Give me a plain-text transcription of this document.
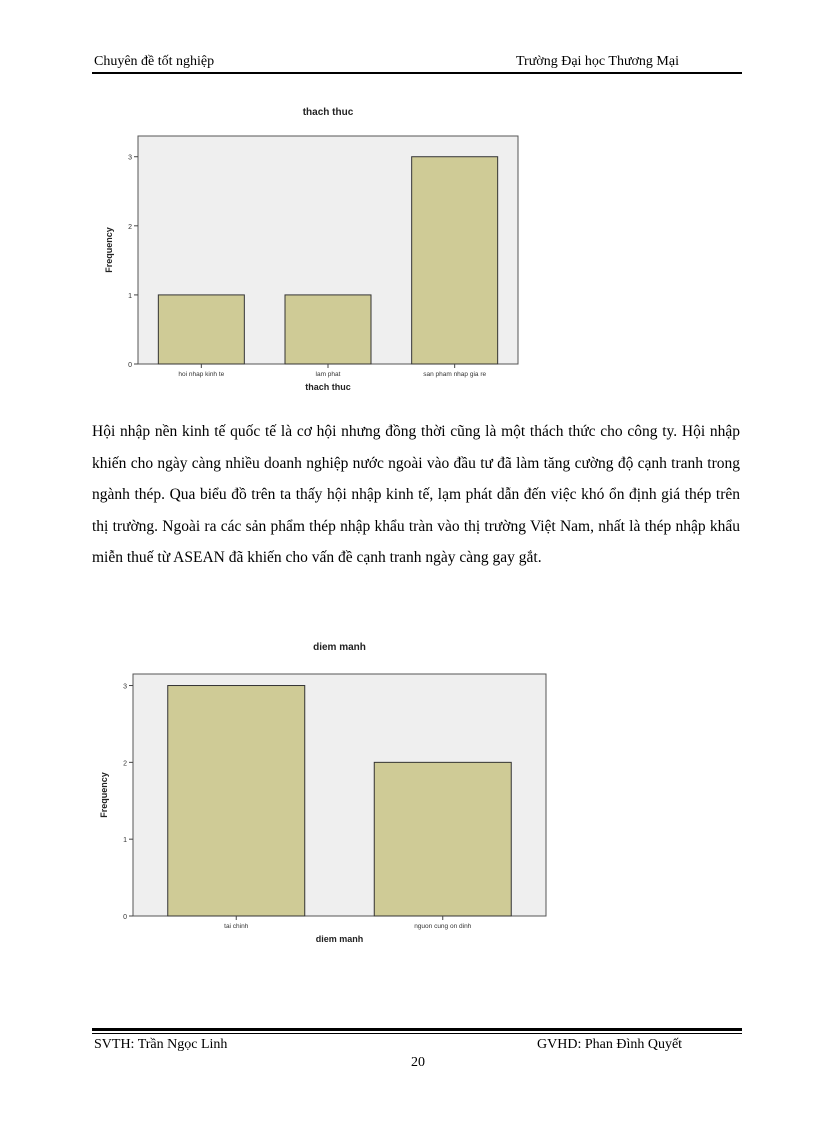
Chuyên đề tốt nghiệp	Trường Đại học Thương Mại
thach thuc
0
1
2
3
Frequency
hoi nhap kinh te	lam phat	san pham nhap gia re
thach thuc
Hội nhập nền kinh tế quốc tế là cơ hội nhưng đồng thời cũng là một thách thức cho công ty. Hội nhập khiến cho ngày càng nhiều doanh nghiệp nước ngoài vào đầu tư đã làm tăng cường độ cạnh tranh trong ngành thép. Qua biểu đồ trên ta thấy hội nhập kinh tế, lạm phát dẫn đến việc khó ổn định giá thép trên thị trường. Ngoài ra các sản phẩm thép nhập khẩu tràn vào thị trường Việt Nam, nhất là thép nhập khẩu miễn thuế từ ASEAN đã khiến cho vấn đề cạnh tranh ngày càng gay gắt.
diem manh
0
1
2
3
Frequency
tai chinh	nguon cung on dinh
diem manh
SVTH: Trần Ngọc Linh	GVHD: Phan Đình Quyết
20
